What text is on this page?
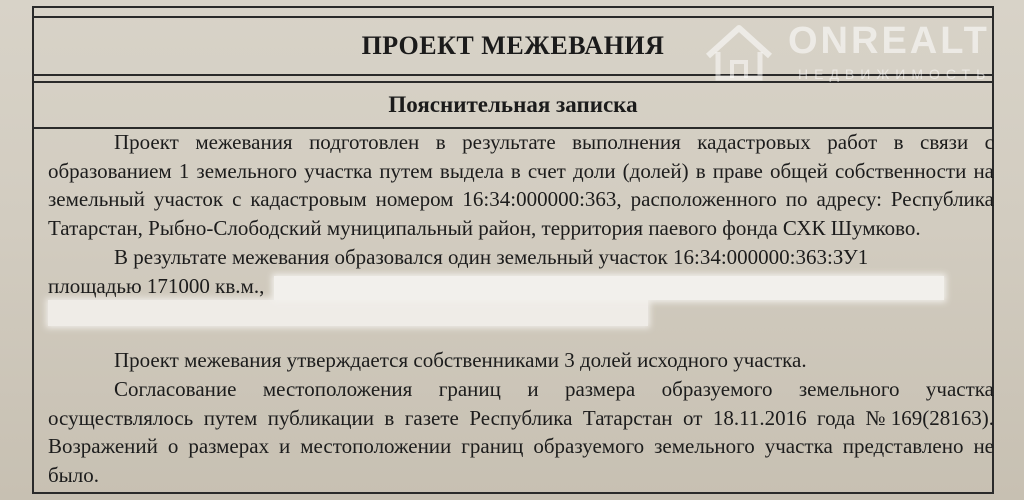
ПРОЕКТ МЕЖЕВАНИЯ
Пояснительная записка

Проект межевания подготовлен в результате выполнения кадастровых работ в связи с образованием 1 земельного участка путем выдела в счет доли (долей) в праве общей собственности на земельный участок с кадастровым номером 16:34:000000:363, расположенного по адресу: Республика Татарстан, Рыбно-Слободский муниципальный район, территория паевого фонда СХК Шумково.

В результате межевания образовался один земельный участок 16:34:000000:363:ЗУ1

площадью 171000 кв.м.,

Проект межевания утверждается собственниками 3 долей исходного участка.

Согласование местоположения границ и размера образуемого земельного участка осуществлялось путем публикации в газете Республика Татарстан от 18.11.2016 года №169(28163). Возражений о размерах и местоположении границ образуемого земельного участка представлено не было.

ONREALT
НЕДВИЖИМОСТЬ
